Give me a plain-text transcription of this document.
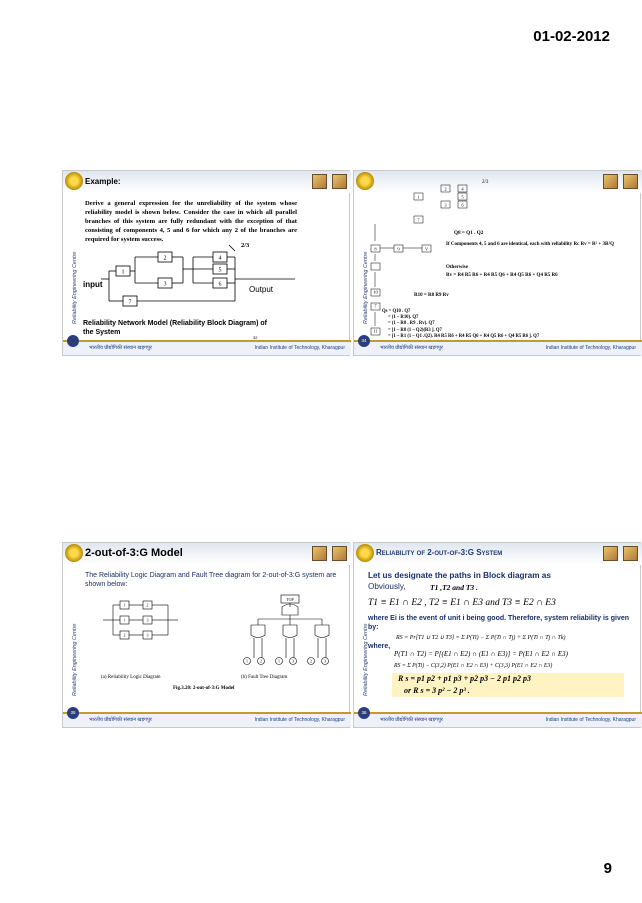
01-02-2012
Example:
Reliability Engineering Centre
Derive a general expression for the unreliability of the system whose reliability model is shown below. Consider the case in which all parallel branches of this system are fully redundant with the exception of that consisting of components 4, 5 and 6 for which any 2 of the branches are required for system success.
1
2
3
4
5
6
7
2/3
input
Output
Reliability Network Model (Reliability Block Diagram) of the System
32
भारतीय प्रौद्योगिकी संस्थान खड़गपुर	Indian Institute of Technology, Kharagpur
Reliability Engineering Centre
1
2
3
4
5
6
7
8	9	V
10
7
11
2/3
Q8 = Q1 . Q2
If Components 4, 5 and 6 are identical, each with reliability Rc Rv = R² + 3R²Q
Otherwise
Rv = R4 R5 R6 + R4 R5 Q6 + R4 Q5 R6 + Q4 R5 R6
R10 = R8 R9 Rv
Qs = Q10 . Q7
= (1 – R10). Q7
= (1 – R8 . R9 . Rv). Q7
= [1 – R8 (1 – Q2)(R3 ]. Q7
= [1 – R1 (1 – Q1 .Q2). R4 R5 R6 + R4 R5 Q6 + R4 Q5 R6 + Q4 R5 R6 ]. Q7
34
भारतीय प्रौद्योगिकी संस्थान खड़गपुर	Indian Institute of Technology, Kharagpur
2-out-of-3:G Model
Reliability Engineering Centre
The Reliability Logic Diagram and Fault Tree diagram for 2-out-of-3:G system are shown below:
TOP
1	2
1	3
2	3
1	2	1	3	2	3
(a) Reliability Logic Diagram	(b) Fault Tree Diagram
Fig.3.20: 2-out-of-3:G Model
35
भारतीय प्रौद्योगिकी संस्थान खड़गपुर	Indian Institute of Technology, Kharagpur
Reliability of 2-out-of-3:G System
Reliability Engineering Centre
Let us designate the paths in Block diagram as
Obviously,	T1 ,T2 and T3 .
T1 ≡ E1 ∩ E2 , T2 ≡ E1 ∩ E3 and T3 ≡ E2 ∩ E3
where Ei is the event of unit i being good. Therefore, system reliability is given by:
RS = Pr[T1 ∪ T2 ∪ T3] = Σ P(Ti) − Σ P(Ti ∩ Tj) + Σ P(Ti ∩ Tj ∩ Tk)
where,
P(T1 ∩ T2) = P[(E1 ∩ E2) ∩ (E1 ∩ E3)] = P(E1 ∩ E2 ∩ E3)
RS = Σ P(Ti) − C(3,2) P(E1 ∩ E2 ∩ E3) + C(3,3) P(E1 ∩ E2 ∩ E3)
R s = p1 p2 + p1 p3 + p2 p3 − 2 p1 p2 p3
or R s = 3 p² − 2 p³ .
36
भारतीय प्रौद्योगिकी संस्थान खड़गपुर	Indian Institute of Technology, Kharagpur
9
